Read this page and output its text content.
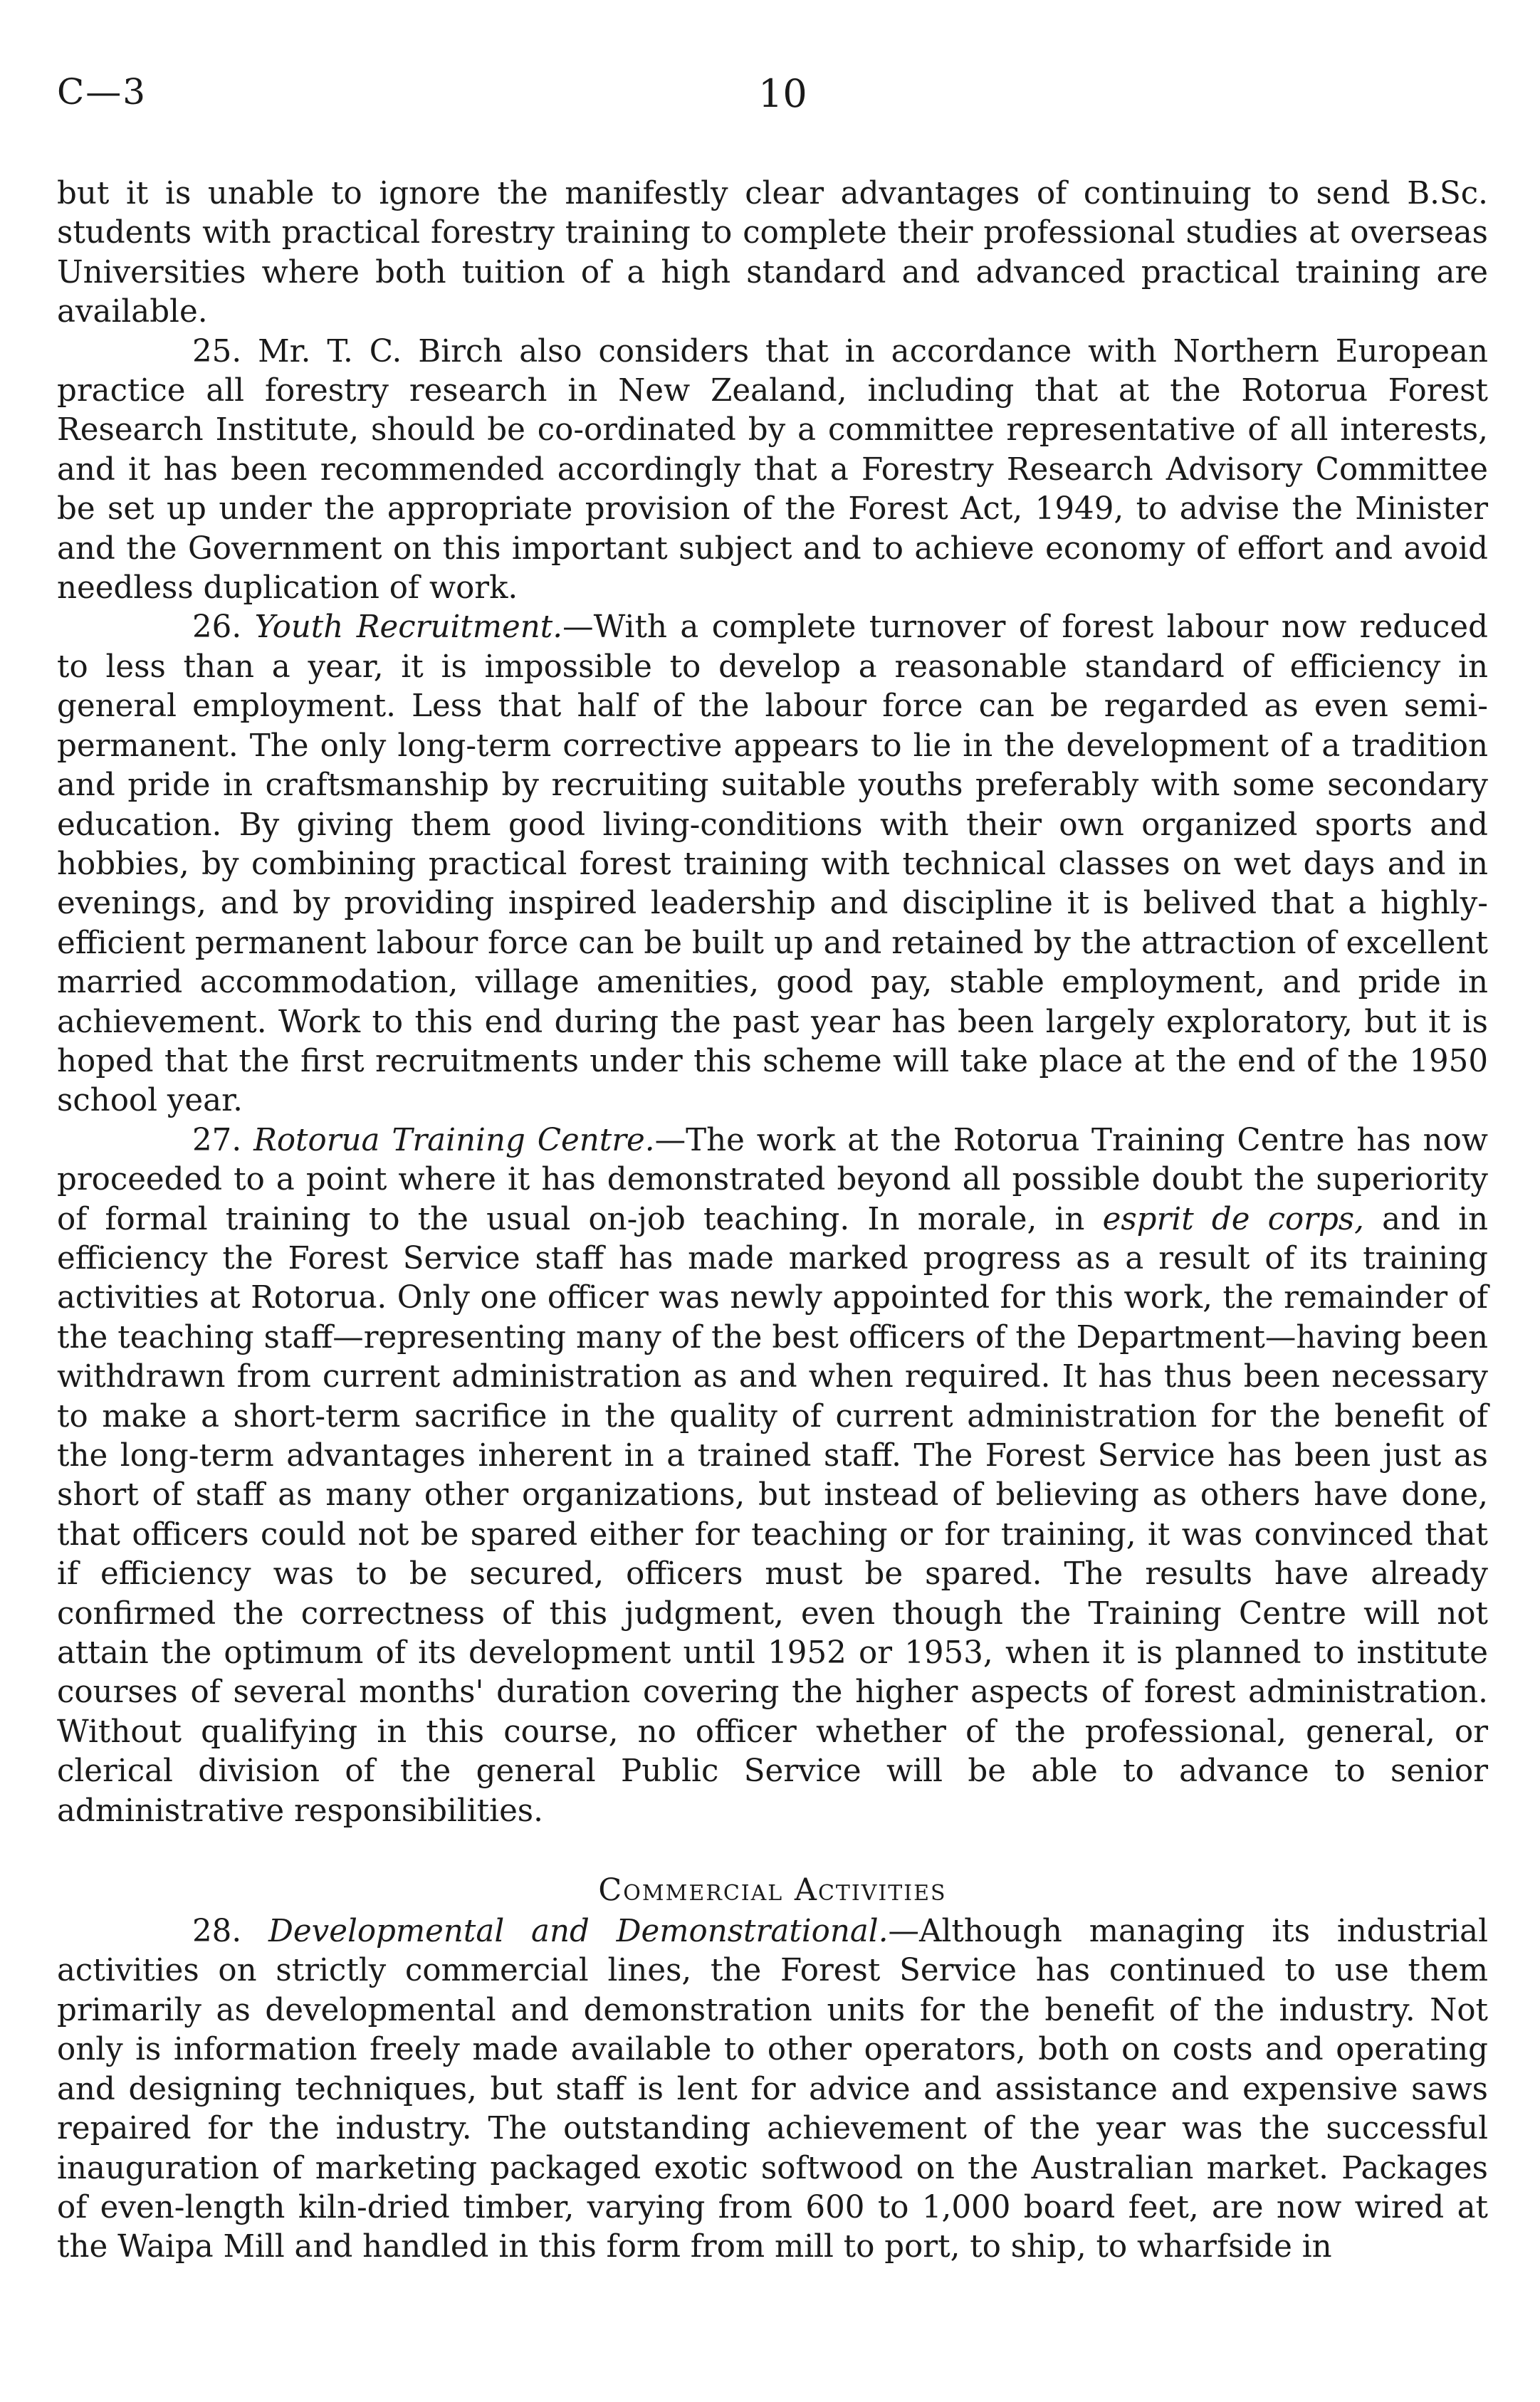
C—3	10

but it is unable to ignore the manifestly clear advantages of continuing to send B.Sc. students with practical forestry training to complete their professional studies at overseas Universities where both tuition of a high standard and advanced practical training are available.

25. Mr. T. C. Birch also considers that in accordance with Northern European practice all forestry research in New Zealand, including that at the Rotorua Forest Research Institute, should be co-ordinated by a committee representative of all interests, and it has been recommended accordingly that a Forestry Research Advisory Committee be set up under the appropriate provision of the Forest Act, 1949, to advise the Minister and the Government on this important subject and to achieve economy of effort and avoid needless duplication of work.

26. Youth Recruitment.—With a complete turnover of forest labour now reduced to less than a year, it is impossible to develop a reasonable standard of efficiency in general employment. Less that half of the labour force can be regarded as even semi-permanent. The only long-term corrective appears to lie in the development of a tradition and pride in craftsmanship by recruiting suitable youths preferably with some secondary education. By giving them good living-conditions with their own organized sports and hobbies, by combining practical forest training with technical classes on wet days and in evenings, and by providing inspired leadership and discipline it is belived that a highly-efficient permanent labour force can be built up and retained by the attraction of excellent married accommodation, village amenities, good pay, stable employment, and pride in achievement. Work to this end during the past year has been largely exploratory, but it is hoped that the first recruitments under this scheme will take place at the end of the 1950 school year.

27. Rotorua Training Centre.—The work at the Rotorua Training Centre has now proceeded to a point where it has demonstrated beyond all possible doubt the superiority of formal training to the usual on-job teaching. In morale, in esprit de corps, and in efficiency the Forest Service staff has made marked progress as a result of its training activities at Rotorua. Only one officer was newly appointed for this work, the remainder of the teaching staff—representing many of the best officers of the Department—having been withdrawn from current administration as and when required. It has thus been necessary to make a short-term sacrifice in the quality of current administration for the benefit of the long-term advantages inherent in a trained staff. The Forest Service has been just as short of staff as many other organizations, but instead of believing as others have done, that officers could not be spared either for teaching or for training, it was convinced that if efficiency was to be secured, officers must be spared. The results have already confirmed the correctness of this judgment, even though the Training Centre will not attain the optimum of its development until 1952 or 1953, when it is planned to institute courses of several months' duration covering the higher aspects of forest administration. Without qualifying in this course, no officer whether of the professional, general, or clerical division of the general Public Service will be able to advance to senior administrative responsibilities.

Commercial Activities

28. Developmental and Demonstrational.—Although managing its industrial activities on strictly commercial lines, the Forest Service has continued to use them primarily as developmental and demonstration units for the benefit of the industry. Not only is information freely made available to other operators, both on costs and operating and designing techniques, but staff is lent for advice and assistance and expensive saws repaired for the industry. The outstanding achievement of the year was the successful inauguration of marketing packaged exotic softwood on the Australian market. Packages of even-length kiln-dried timber, varying from 600 to 1,000 board feet, are now wired at the Waipa Mill and handled in this form from mill to port, to ship, to wharfside in
